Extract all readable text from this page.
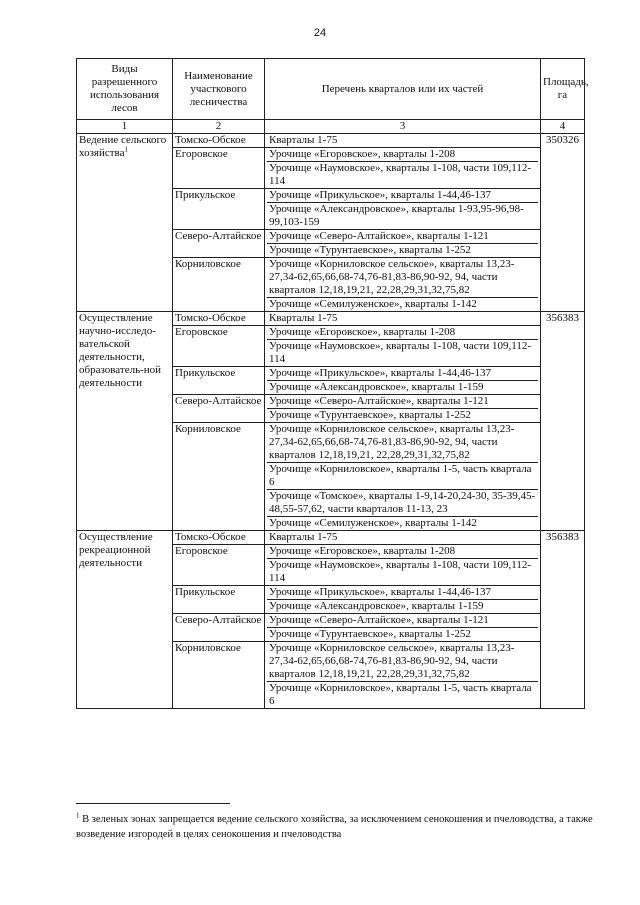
24
Виды разрешенного использования лесов	Наименование участкового лесничества	Перечень кварталов или их частей	Площадь, га
1	2	3	4
Ведение сельского хозяйства$^1$	Томско-Обское	Кварталы 1-75	350326
	Егоровское	Урочище «Егоровское», кварталы 1-208
Урочище «Наумовское», кварталы 1-108, части 109,112-114	

	Прикульское	Урочище «Прикульское», кварталы 1-44,46-137
Урочище «Александровское», кварталы 1-93,95-96,98-99,103-159	

	Северо-Алтайское	Урочище «Северо-Алтайское», кварталы 1-121
Урочище «Турунтаевское», кварталы 1-252	

	Корниловское	Урочище «Корниловское сельское», кварталы 13,23-27,34-62,65,66,68-74,76-81,83-86,90-92, 94, части кварталов 12,18,19,21, 22,28,29,31,32,75,82
Урочище «Семилуженское», кварталы 1-142	

Осуществление научно-исследо-вательской деятельности, образователь-ной деятельности	Томско-Обское	Кварталы 1-75	356383
	Егоровское	Урочище «Егоровское», кварталы 1-208
Урочище «Наумовское», кварталы 1-108, части 109,112-114	

	Прикульское	Урочище «Прикульское», кварталы 1-44,46-137
Урочище «Александровское», кварталы 1-159	

	Северо-Алтайское	Урочище «Северо-Алтайское», кварталы 1-121
Урочище «Турунтаевское», кварталы 1-252	

	Корниловское	Урочище «Корниловское сельское», кварталы 13,23-27,34-62,65,66,68-74,76-81,83-86,90-92, 94, части кварталов 12,18,19,21, 22,28,29,31,32,75,82
Урочище «Корниловское», кварталы 1-5, часть квартала 6
Урочище «Томское», кварталы 1-9,14-20,24-30, 35-39,45-48,55-57,62, части кварталов 11-13, 23
Урочище «Семилуженское», кварталы 1-142	

Осуществление рекреационной деятельности	Томско-Обское	Кварталы 1-75	356383
	Егоровское	Урочище «Егоровское», кварталы 1-208
Урочище «Наумовское», кварталы 1-108, части 109,112-114	

	Прикульское	Урочище «Прикульское», кварталы 1-44,46-137
Урочище «Александровское», кварталы 1-159	

	Северо-Алтайское	Урочище «Северо-Алтайское», кварталы 1-121
Урочище «Турунтаевское», кварталы 1-252	

	Корниловское	Урочище «Корниловское сельское», кварталы 13,23-27,34-62,65,66,68-74,76-81,83-86,90-92, 94, части кварталов 12,18,19,21, 22,28,29,31,32,75,82
Урочище «Корниловское», кварталы 1-5, часть квартала 6	
$^1$ В зеленых зонах запрещается ведение сельского хозяйства, за исключением сенокошения и пчеловодства, а также возведение изгородей в целях сенокошения и пчеловодства
